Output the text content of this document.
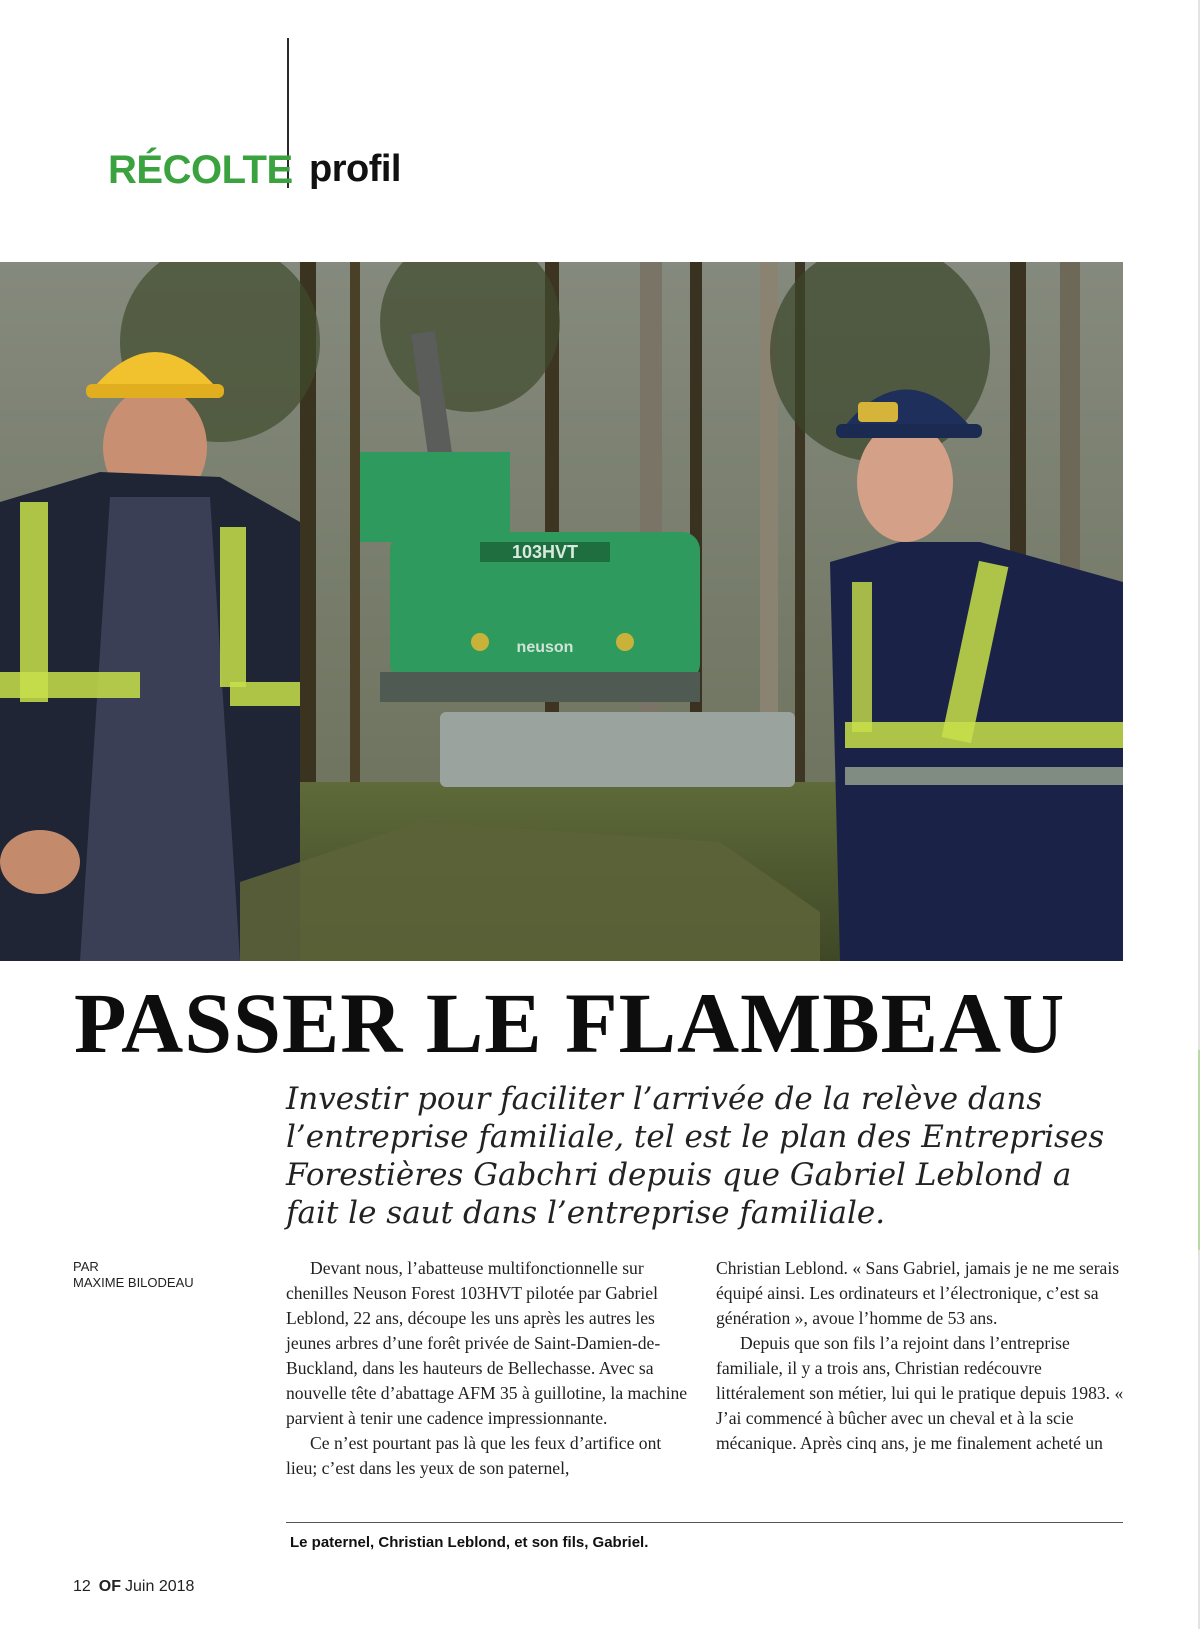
RÉCOLTE profil
103HVT
neuson
PASSER LE FLAMBEAU

Investir pour faciliter l’arrivée de la relève dans l’entreprise familiale, tel est le plan des Entreprises Forestières Gabchri depuis que Gabriel Leblond a fait le saut dans l’entreprise familiale.

PAR
MAXIME BILODEAU

Devant nous, l’abatteuse multifonctionnelle sur chenilles Neuson Forest 103HVT pilotée par Gabriel Leblond, 22 ans, découpe les uns après les autres les jeunes arbres d’une forêt privée de Saint-Damien-de-Buckland, dans les hauteurs de Bellechasse. Avec sa nouvelle tête d’abattage AFM 35 à guillotine, la machine parvient à tenir une cadence impressionnante.

Ce n’est pourtant pas là que les feux d’artifice ont lieu; c’est dans les yeux de son paternel,

Christian Leblond. « Sans Gabriel, jamais je ne me serais équipé ainsi. Les ordinateurs et l’électronique, c’est sa génération », avoue l’homme de 53 ans.

Depuis que son fils l’a rejoint dans l’entreprise familiale, il y a trois ans, Christian redécouvre littéralement son métier, lui qui le pratique depuis 1983. « J’ai commencé à bûcher avec un cheval et à la scie mécanique. Après cinq ans, je me finalement acheté un

Le paternel, Christian Leblond, et son fils, Gabriel.
12 OF Juin 2018
